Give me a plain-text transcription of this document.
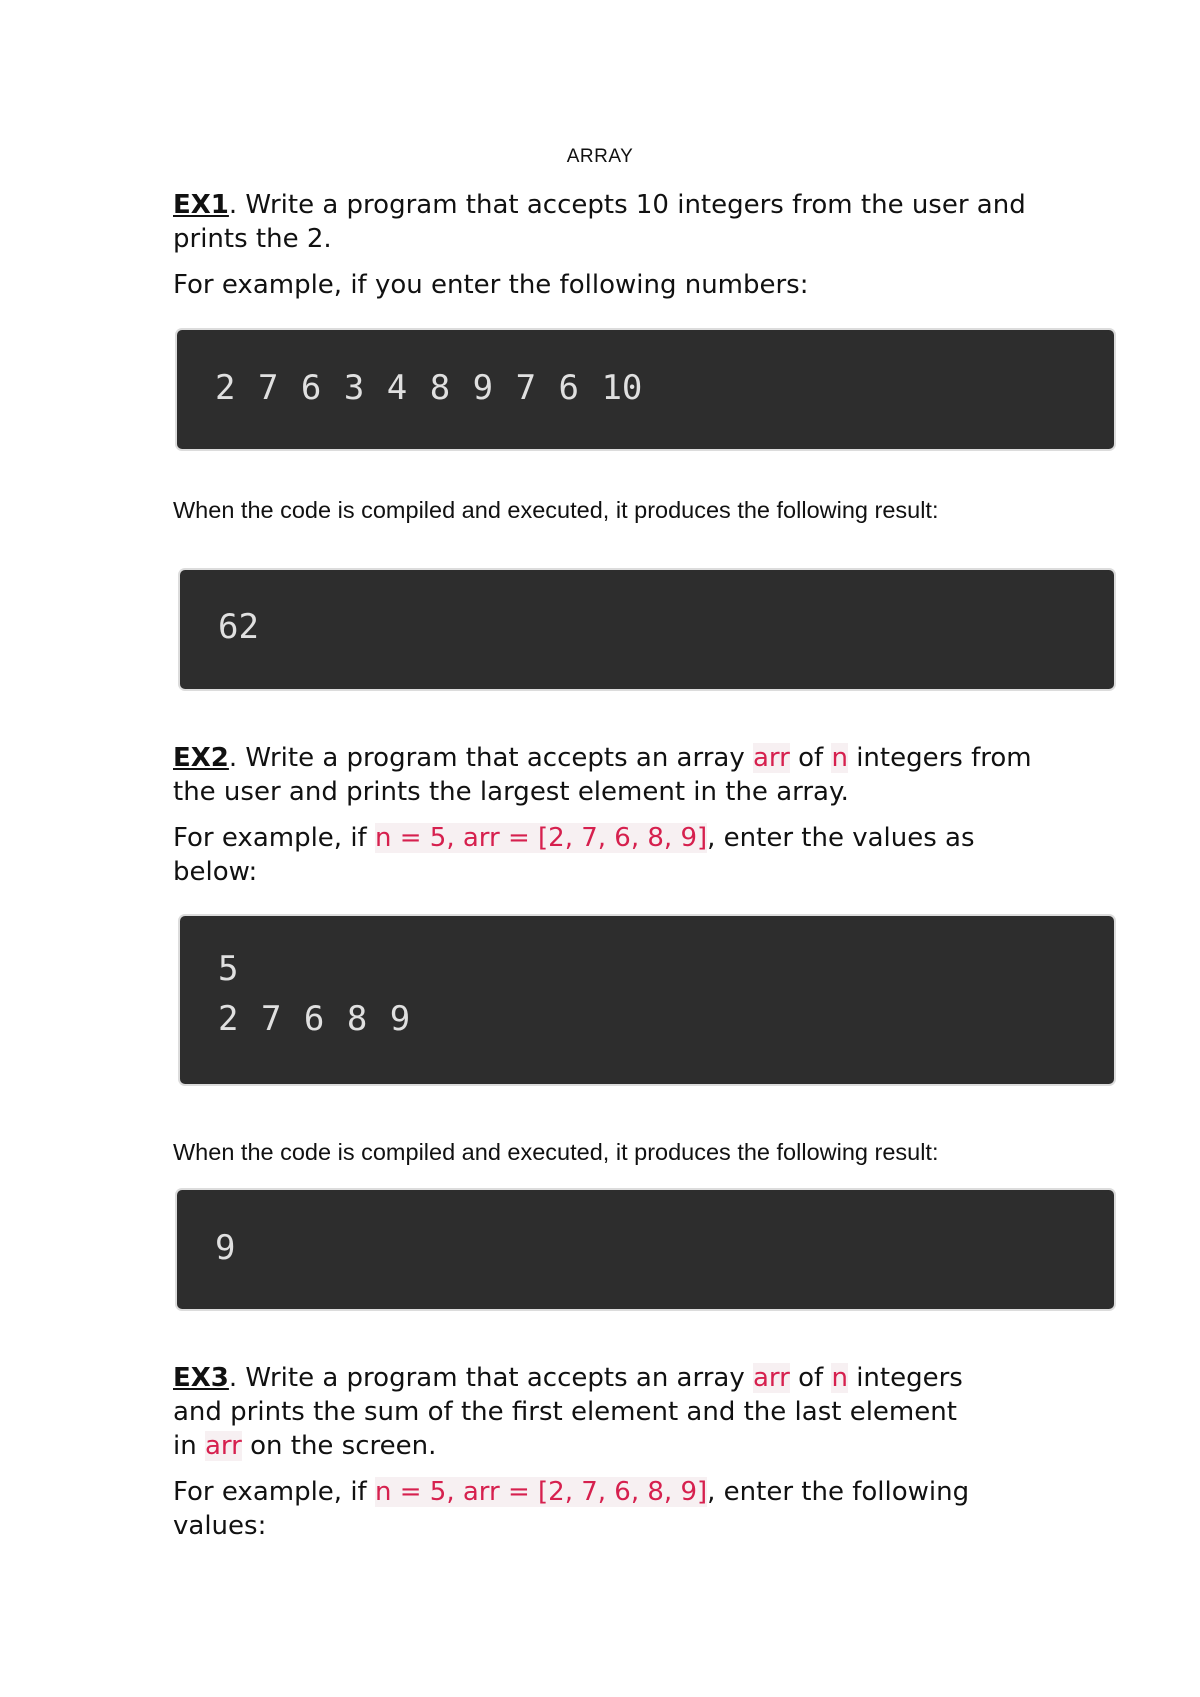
ARRAY

EX1. Write a program that accepts 10 integers from the user and
prints the 2.

For example, if you enter the following numbers:

2 7 6 3 4 8 9 7 6 10

When the code is compiled and executed, it produces the following result:

62

EX2. Write a program that accepts an array arr of n integers from
the user and prints the largest element in the array.

For example, if n = 5, arr = [2, 7, 6, 8, 9], enter the values as
below:

5
2 7 6 8 9

When the code is compiled and executed, it produces the following result:

9

EX3. Write a program that accepts an array arr of n integers
and prints the sum of the first element and the last element
in arr on the screen.

For example, if n = 5, arr = [2, 7, 6, 8, 9], enter the following
values:
